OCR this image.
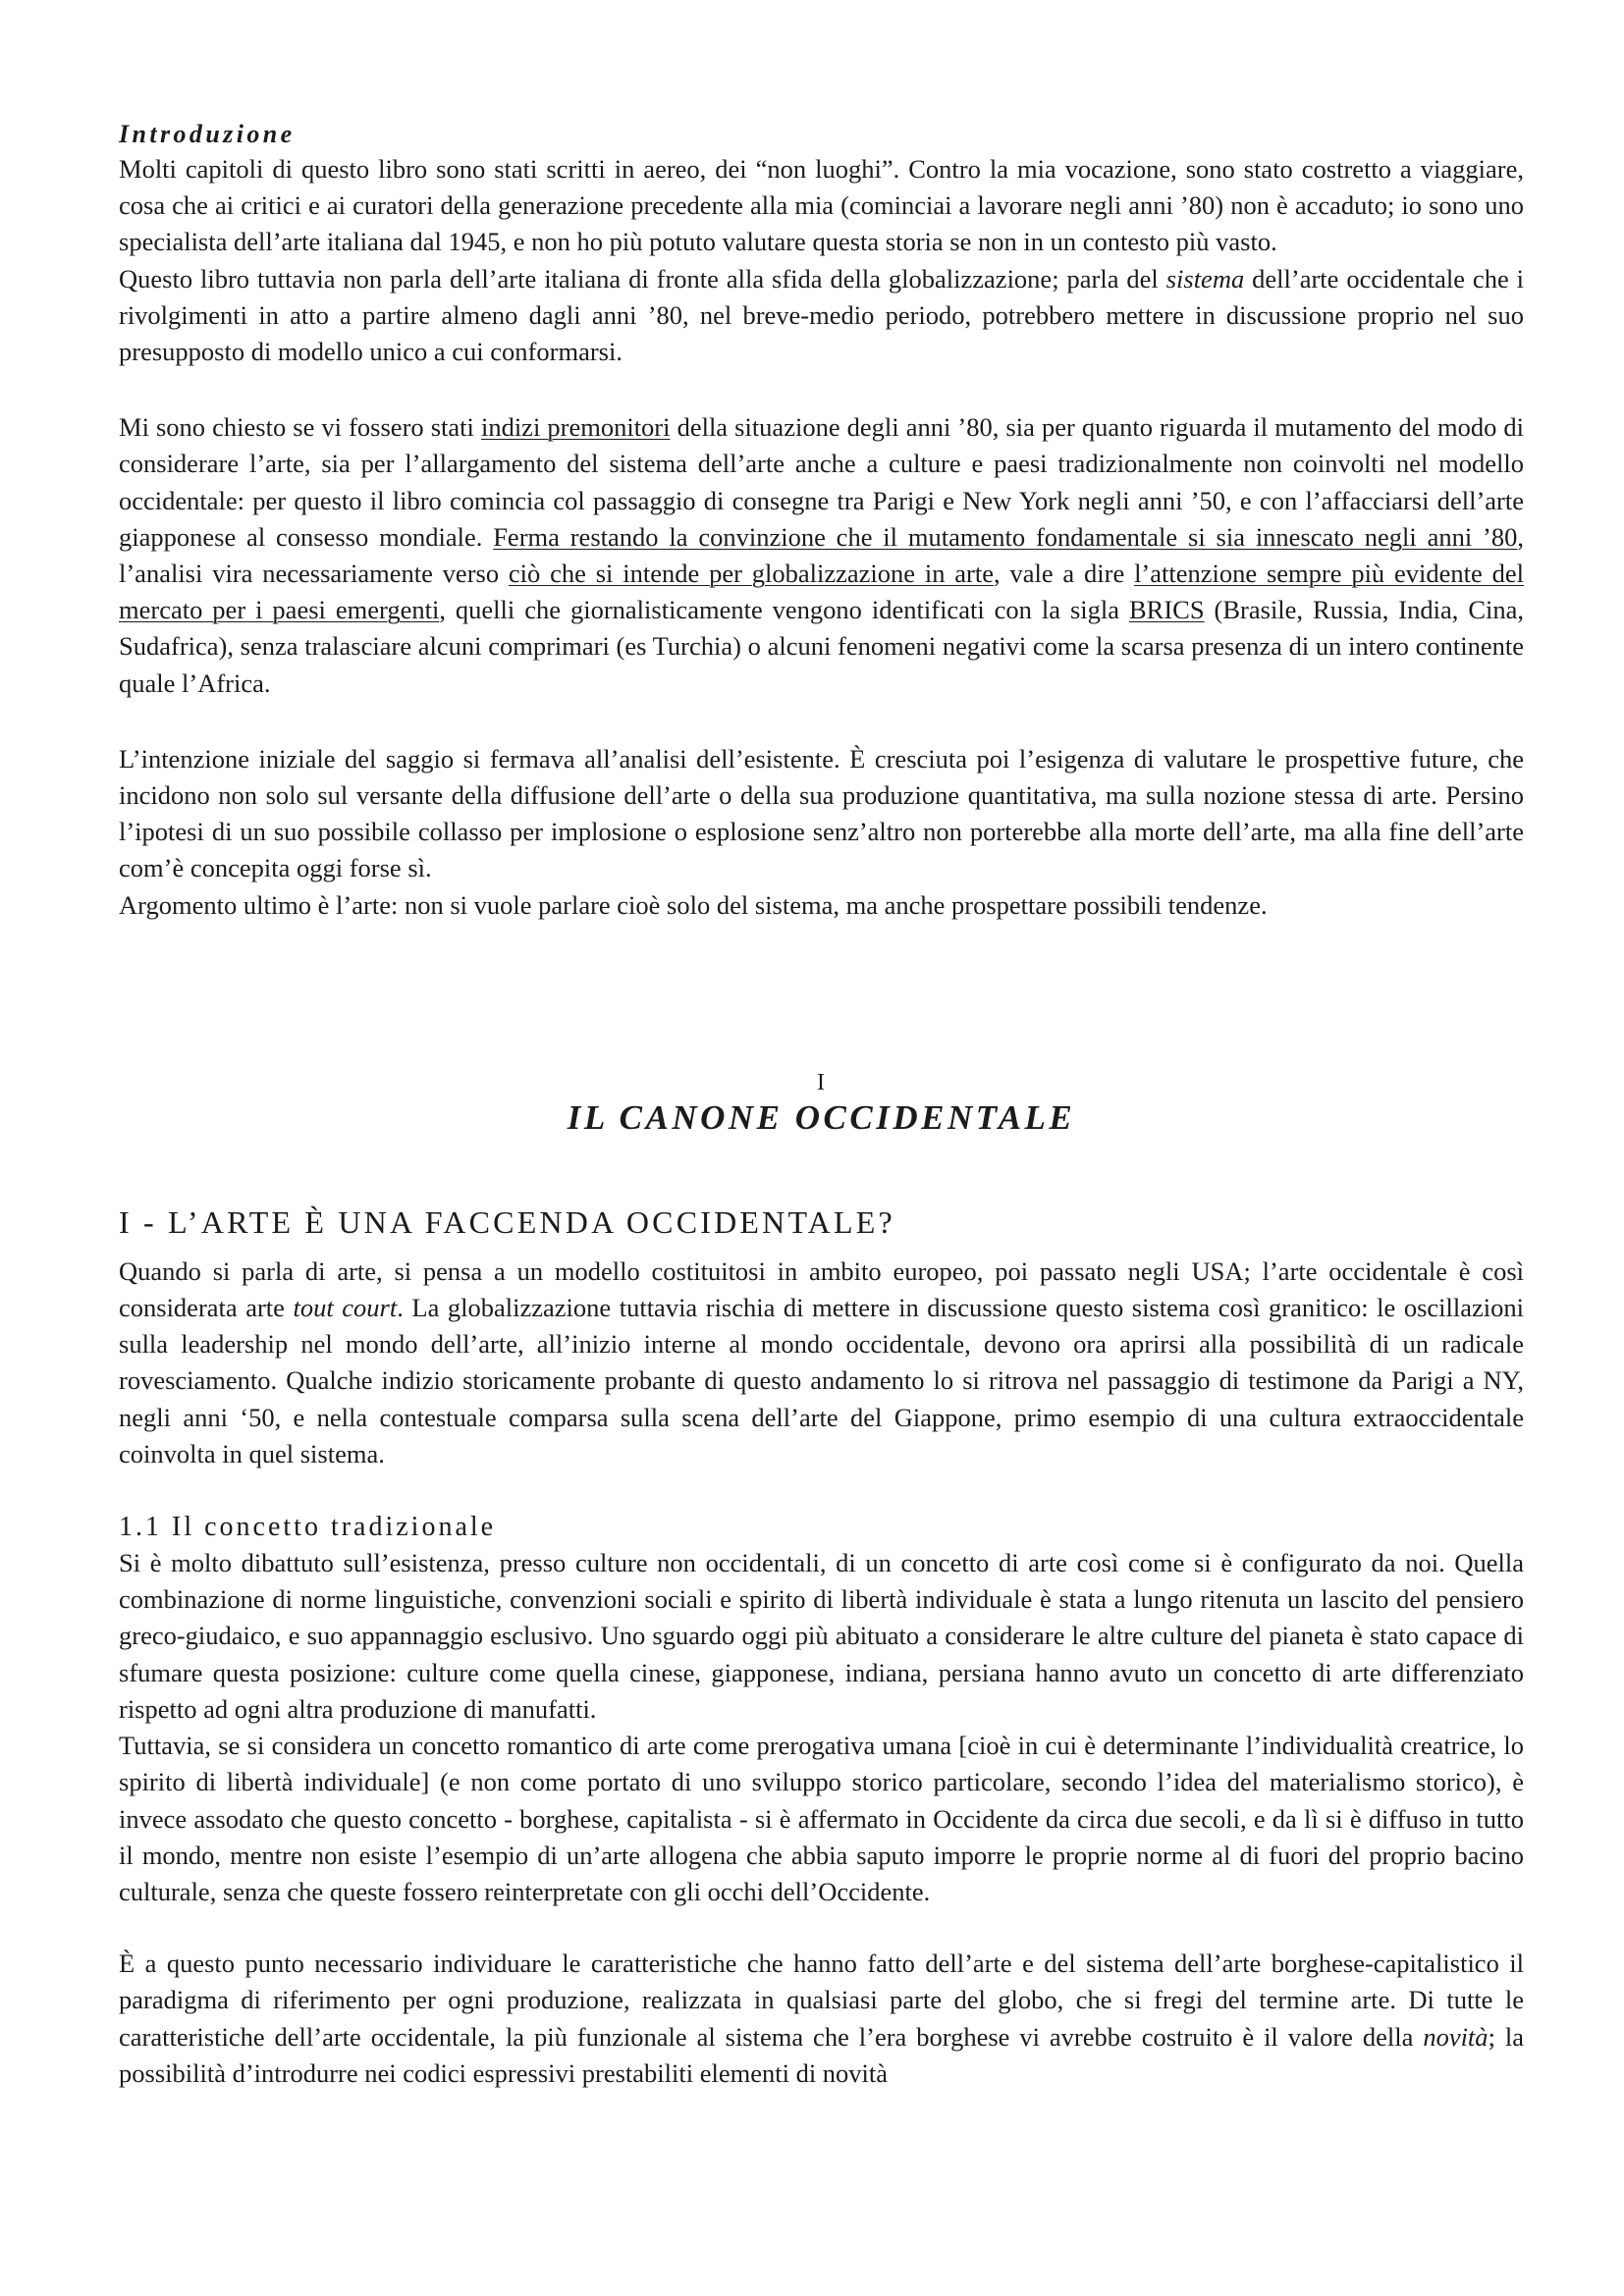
Introduzione

Molti capitoli di questo libro sono stati scritti in aereo, dei “non luoghi”. Contro la mia vocazione, sono stato costretto a viaggiare, cosa che ai critici e ai curatori della generazione precedente alla mia (cominciai a lavorare negli anni ’80) non è accaduto; io sono uno specialista dell’arte italiana dal 1945, e non ho più potuto valutare questa storia se non in un contesto più vasto.

Questo libro tuttavia non parla dell’arte italiana di fronte alla sfida della globalizzazione; parla del sistema dell’arte occidentale che i rivolgimenti in atto a partire almeno dagli anni ’80, nel breve-medio periodo, potrebbero mettere in discussione proprio nel suo presupposto di modello unico a cui conformarsi.

Mi sono chiesto se vi fossero stati indizi premonitori della situazione degli anni ’80, sia per quanto riguarda il mutamento del modo di considerare l’arte, sia per l’allargamento del sistema dell’arte anche a culture e paesi tradizionalmente non coinvolti nel modello occidentale: per questo il libro comincia col passaggio di consegne tra Parigi e New York negli anni ’50, e con l’affacciarsi dell’arte giapponese al consesso mondiale. Ferma restando la convinzione che il mutamento fondamentale si sia innescato negli anni ’80, l’analisi vira necessariamente verso ciò che si intende per globalizzazione in arte, vale a dire l’attenzione sempre più evidente del mercato per i paesi emergenti, quelli che giornalisticamente vengono identificati con la sigla BRICS (Brasile, Russia, India, Cina, Sudafrica), senza tralasciare alcuni comprimari (es Turchia) o alcuni fenomeni negativi come la scarsa presenza di un intero continente quale l’Africa.

L’intenzione iniziale del saggio si fermava all’analisi dell’esistente. È cresciuta poi l’esigenza di valutare le prospettive future, che incidono non solo sul versante della diffusione dell’arte o della sua produzione quantitativa, ma sulla nozione stessa di arte. Persino l’ipotesi di un suo possibile collasso per implosione o esplosione senz’altro non porterebbe alla morte dell’arte, ma alla fine dell’arte com’è concepita oggi forse sì.

Argomento ultimo è l’arte: non si vuole parlare cioè solo del sistema, ma anche prospettare possibili tendenze.

I
IL CANONE OCCIDENTALE
I - L’ARTE È UNA FACCENDA OCCIDENTALE?

Quando si parla di arte, si pensa a un modello costituitosi in ambito europeo, poi passato negli USA; l’arte occidentale è così considerata arte tout court. La globalizzazione tuttavia rischia di mettere in discussione questo sistema così granitico: le oscillazioni sulla leadership nel mondo dell’arte, all’inizio interne al mondo occidentale, devono ora aprirsi alla possibilità di un radicale rovesciamento. Qualche indizio storicamente probante di questo andamento lo si ritrova nel passaggio di testimone da Parigi a NY, negli anni ‘50, e nella contestuale comparsa sulla scena dell’arte del Giappone, primo esempio di una cultura extraoccidentale coinvolta in quel sistema.

1.1 Il concetto tradizionale

Si è molto dibattuto sull’esistenza, presso culture non occidentali, di un concetto di arte così come si è configurato da noi. Quella combinazione di norme linguistiche, convenzioni sociali e spirito di libertà individuale è stata a lungo ritenuta un lascito del pensiero greco-giudaico, e suo appannaggio esclusivo. Uno sguardo oggi più abituato a considerare le altre culture del pianeta è stato capace di sfumare questa posizione: culture come quella cinese, giapponese, indiana, persiana hanno avuto un concetto di arte differenziato rispetto ad ogni altra produzione di manufatti.

Tuttavia, se si considera un concetto romantico di arte come prerogativa umana [cioè in cui è determinante l’individualità creatrice, lo spirito di libertà individuale] (e non come portato di uno sviluppo storico particolare, secondo l’idea del materialismo storico), è invece assodato che questo concetto - borghese, capitalista - si è affermato in Occidente da circa due secoli, e da lì si è diffuso in tutto il mondo, mentre non esiste l’esempio di un’arte allogena che abbia saputo imporre le proprie norme al di fuori del proprio bacino culturale, senza che queste fossero reinterpretate con gli occhi dell’Occidente.

È a questo punto necessario individuare le caratteristiche che hanno fatto dell’arte e del sistema dell’arte borghese-capitalistico il paradigma di riferimento per ogni produzione, realizzata in qualsiasi parte del globo, che si fregi del termine arte. Di tutte le caratteristiche dell’arte occidentale, la più funzionale al sistema che l’era borghese vi avrebbe costruito è il valore della novità; la possibilità d’introdurre nei codici espressivi prestabiliti elementi di novità
